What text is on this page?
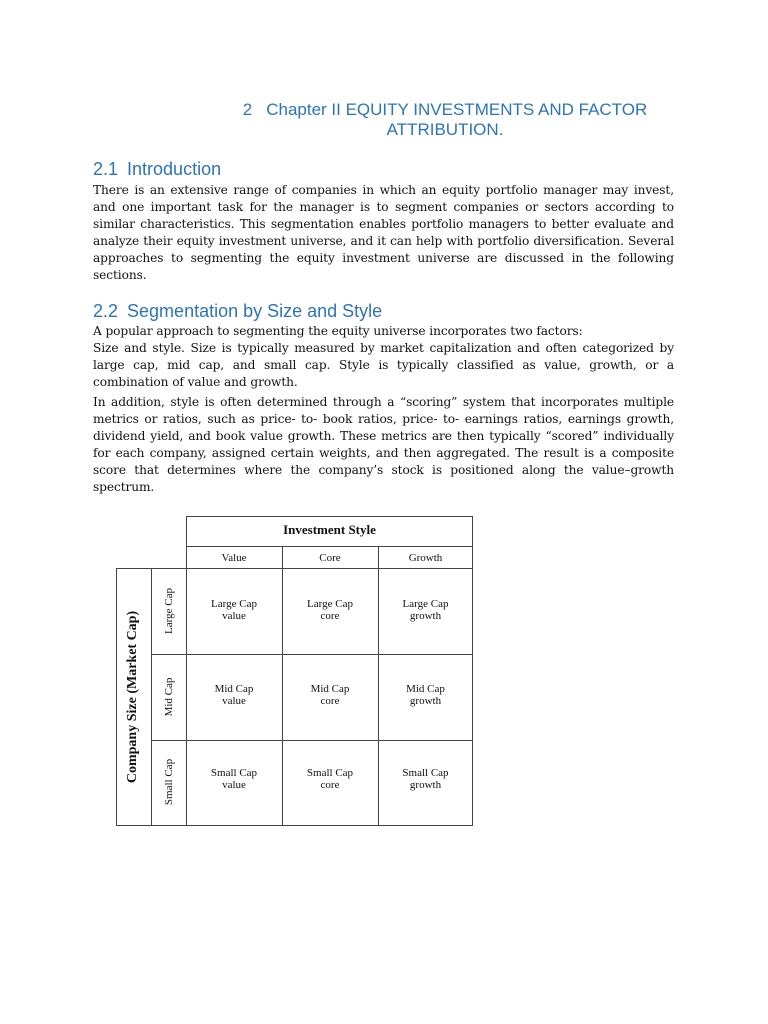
2 Chapter II EQUITY INVESTMENTS AND FACTOR
ATTRIBUTION.
2.1 Introduction

There is an extensive range of companies in which an equity portfolio manager may invest, and one important task for the manager is to segment companies or sectors according to similar characteristics. This segmentation enables portfolio managers to better evaluate and analyze their equity investment universe, and it can help with portfolio diversification. Several approaches to segmenting the equity investment universe are discussed in the following sections.

2.2 Segmentation by Size and Style

A popular approach to segmenting the equity universe incorporates two factors:

Size and style. Size is typically measured by market capitalization and often categorized by large cap, mid cap, and small cap. Style is typically classified as value, growth, or a combination of value and growth.

In addition, style is often determined through a “scoring” system that incorporates multiple metrics or ratios, such as price- to- book ratios, price- to- earnings ratios, earnings growth, dividend yield, and book value growth. These metrics are then typically “scored” individually for each company, assigned certain weights, and then aggregated. The result is a composite score that determines where the company’s stock is positioned along the value–growth spectrum.

Investment Style
Value	Core	Growth
Company Size (Market Cap) Large Cap
Mid Cap
Small Cap
Large Cap
value
Large Cap
core
Large Cap
growth
Mid Cap
value
Mid Cap
core
Mid Cap
growth
Small Cap
value
Small Cap
core
Small Cap
growth
